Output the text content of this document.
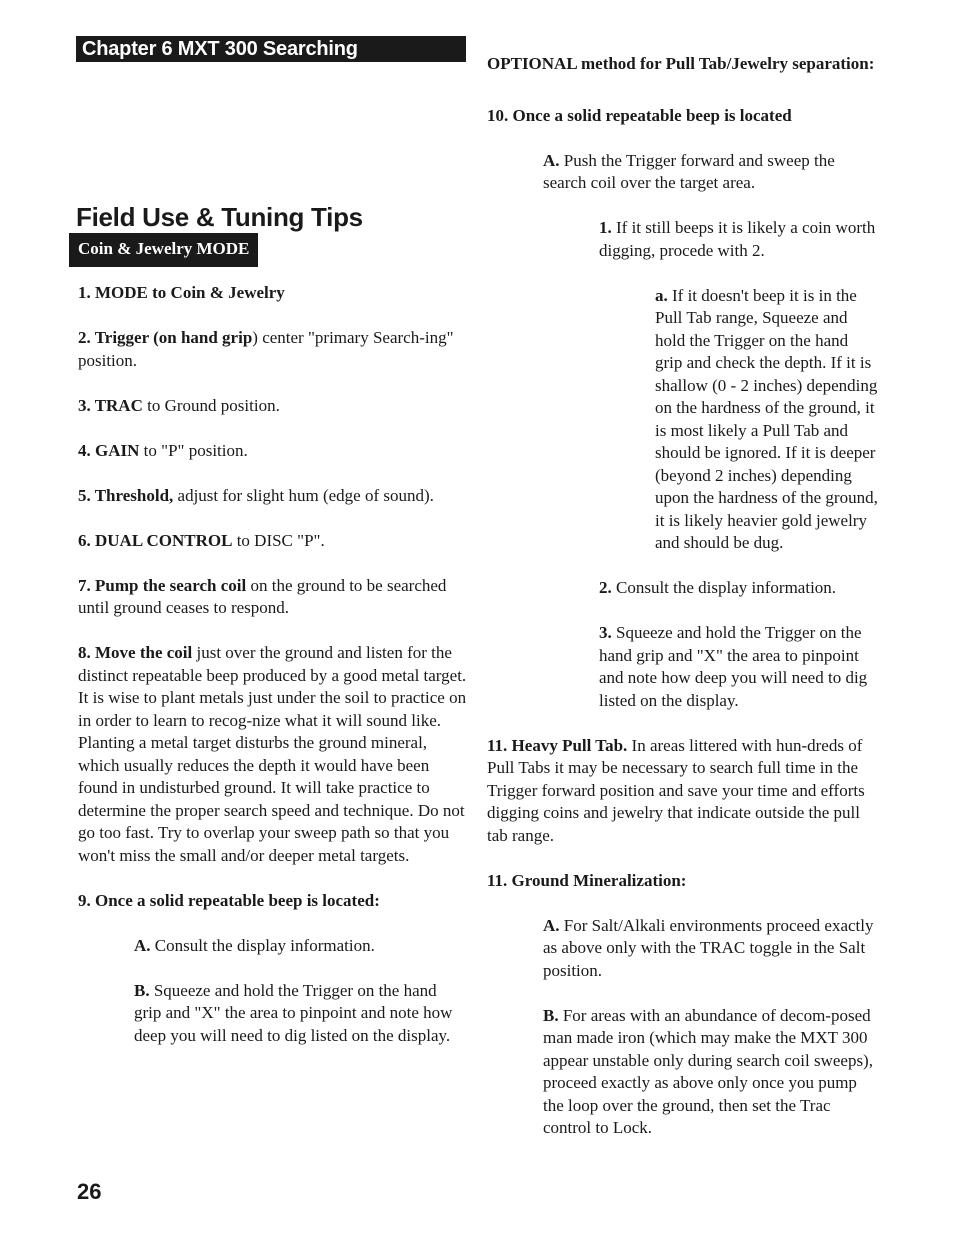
Chapter 6 MXT 300 Searching
Field Use & Tuning Tips
Coin & Jewelry MODE

1. MODE to Coin & Jewelry

2. Trigger (on hand grip) center "primary Search-ing" position.

3. TRAC to Ground position.

4. GAIN to "P" position.

5. Threshold, adjust for slight hum (edge of sound).

6. DUAL CONTROL to DISC "P".

7. Pump the search coil on the ground to be searched until ground ceases to respond.

8. Move the coil just over the ground and listen for the distinct repeatable beep produced by a good metal target. It is wise to plant metals just under the soil to practice on in order to learn to recog-nize what it will sound like. Planting a metal target disturbs the ground mineral, which usually reduces the depth it would have been found in undisturbed ground. It will take practice to determine the proper search speed and technique. Do not go too fast. Try to overlap your sweep path so that you won't miss the small and/or deeper metal targets.

9. Once a solid repeatable beep is located:

A. Consult the display information.

B. Squeeze and hold the Trigger on the hand grip and "X" the area to pinpoint and note how deep you will need to dig listed on the display.

OPTIONAL method for Pull Tab/Jewelry separation:

10. Once a solid repeatable beep is located

A. Push the Trigger forward and sweep the search coil over the target area.

1. If it still beeps it is likely a coin worth digging, procede with 2.

a. If it doesn't beep it is in the Pull Tab range, Squeeze and hold the Trigger on the hand grip and check the depth. If it is shallow (0 - 2 inches) depending on the hardness of the ground, it is most likely a Pull Tab and should be ignored. If it is deeper (beyond 2 inches) depending upon the hardness of the ground, it is likely heavier gold jewelry and should be dug.

2. Consult the display information.

3. Squeeze and hold the Trigger on the hand grip and "X" the area to pinpoint and note how deep you will need to dig listed on the display.

11. Heavy Pull Tab. In areas littered with hun-dreds of Pull Tabs it may be necessary to search full time in the Trigger forward position and save your time and efforts digging coins and jewelry that indicate outside the pull tab range.

11. Ground Mineralization:

A. For Salt/Alkali environments proceed exactly as above only with the TRAC toggle in the Salt position.

B. For areas with an abundance of decom-posed man made iron (which may make the MXT 300 appear unstable only during search coil sweeps), proceed exactly as above only once you pump the loop over the ground, then set the Trac control to Lock.

26
